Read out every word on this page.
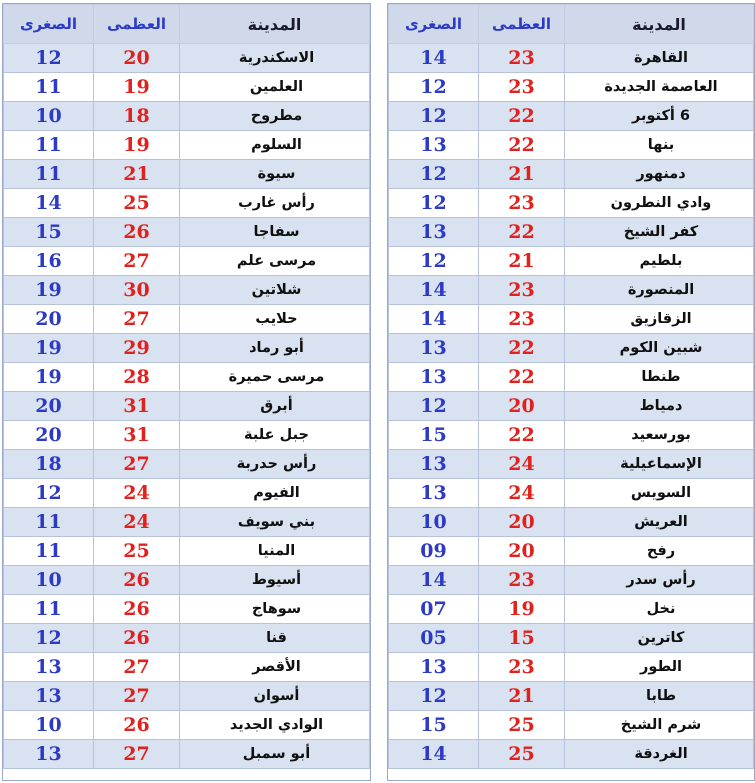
الصغرى	العظمى	المدينة
12	20	الاسكندرية
11	19	العلمين
10	18	مطروح
11	19	السلوم
11	21	سيوة
14	25	رأس غارب
15	26	سفاجا
16	27	مرسى علم
19	30	شلاتين
20	27	حلايب
19	29	أبو رماد
19	28	مرسى حميرة
20	31	أبرق
20	31	جبل علبة
18	27	رأس حدربة
12	24	الفيوم
11	24	بني سويف
11	25	المنيا
10	26	أسيوط
11	26	سوهاج
12	26	قنا
13	27	الأقصر
13	27	أسوان
10	26	الوادي الجديد
13	27	أبو سمبل
الصغرى	العظمى	المدينة
14	23	القاهرة
12	23	العاصمة الجديدة
12	22	6 أكتوبر
13	22	بنها
12	21	دمنهور
12	23	وادي النطرون
13	22	كفر الشيخ
12	21	بلطيم
14	23	المنصورة
14	23	الزقازيق
13	22	شبين الكوم
13	22	طنطا
12	20	دمياط
15	22	بورسعيد
13	24	الإسماعيلية
13	24	السويس
10	20	العريش
09	20	رفح
14	23	رأس سدر
07	19	نخل
05	15	كاترين
13	23	الطور
12	21	طابا
15	25	شرم الشيخ
14	25	الغردقة
